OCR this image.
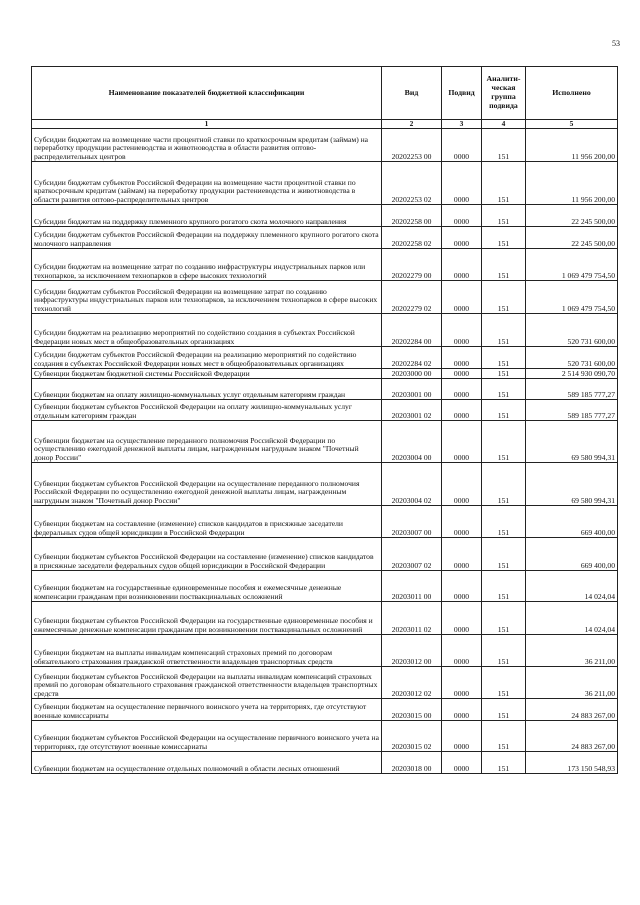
53
Наименование показателей бюджетной классификации	Вид	Подвид	Аналити-ческая группа подвида	Исполнено
1	2	3	4	5
Субсидии бюджетам на возмещение части процентной ставки по краткосрочным кредитам (займам) на переработку продукции растениеводства и животноводства в области развития оптово-распределительных центров	20202253 00	0000	151	11 956 200,00
Субсидии бюджетам субъектов Российской Федерации на возмещение части процентной ставки по краткосрочным кредитам (займам) на переработку продукции растениеводства и животноводства в области развития оптово-распределительных центров	20202253 02	0000	151	11 956 200,00
Субсидии бюджетам на поддержку племенного крупного рогатого скота молочного направления	20202258 00	0000	151	22 245 500,00
Субсидии бюджетам субъектов Российской Федерации на поддержку племенного крупного рогатого скота молочного направления	20202258 02	0000	151	22 245 500,00
Субсидии бюджетам на возмещение затрат по созданию инфраструктуры индустриальных парков или технопарков, за исключением технопарков в сфере высоких технологий	20202279 00	0000	151	1 069 479 754,50
Субсидии бюджетам субъектов Российской Федерации на возмещение затрат по созданию инфраструктуры индустриальных парков или технопарков, за исключением технопарков в сфере высоких технологий	20202279 02	0000	151	1 069 479 754,50
Субсидии бюджетам на реализацию мероприятий по содействию создания в субъектах Российской Федерации новых мест в общеобразовательных организациях	20202284 00	0000	151	520 731 600,00
Субсидии бюджетам субъектов Российской Федерации на реализацию мероприятий по содействию создания в субъектах Российской Федерации новых мест в общеобразовательных организациях	20202284 02	0000	151	520 731 600,00
Субвенции бюджетам бюджетной системы Российской Федерации	20203000 00	0000	151	2 514 930 090,70
Субвенции бюджетам на оплату жилищно-коммунальных услуг отдельным категориям граждан	20203001 00	0000	151	589 185 777,27
Субвенции бюджетам субъектов Российской Федерации на оплату жилищно-коммунальных услуг отдельным категориям граждан	20203001 02	0000	151	589 185 777,27
Субвенции бюджетам на осуществление переданного полномочия Российской Федерации по осуществлению ежегодной денежной выплаты лицам, награжденным нагрудным знаком "Почетный донор России"	20203004 00	0000	151	69 580 994,31
Субвенции бюджетам субъектов Российской Федерации на осуществление переданного полномочия Российской Федерации по осуществлению ежегодной денежной выплаты лицам, награжденным нагрудным знаком "Почетный донор России"	20203004 02	0000	151	69 580 994,31
Субвенции бюджетам на составление (изменение) списков кандидатов в присяжные заседатели федеральных судов общей юрисдикции в Российской Федерации	20203007 00	0000	151	669 400,00
Субвенции бюджетам субъектов Российской Федерации на составление (изменение) списков кандидатов в присяжные заседатели федеральных судов общей юрисдикции в Российской Федерации	20203007 02	0000	151	669 400,00
Субвенции бюджетам на государственные единовременные пособия и ежемесячные денежные компенсации гражданам при возникновении поствакцинальных осложнений	20203011 00	0000	151	14 024,04
Субвенции бюджетам субъектов Российской Федерации на государственные единовременные пособия и ежемесячные денежные компенсации гражданам при возникновении поствакцинальных осложнений	20203011 02	0000	151	14 024,04
Субвенции бюджетам на выплаты инвалидам компенсаций страховых премий по договорам обязательного страхования гражданской ответственности владельцев транспортных средств	20203012 00	0000	151	36 211,00
Субвенции бюджетам субъектов Российской Федерации на выплаты инвалидам компенсаций страховых премий по договорам обязательного страхования гражданской ответственности владельцев транспортных средств	20203012 02	0000	151	36 211,00
Субвенции бюджетам на осуществление первичного воинского учета на территориях, где отсутствуют военные комиссариаты	20203015 00	0000	151	24 883 267,00
Субвенции бюджетам субъектов Российской Федерации на осуществление первичного воинского учета на территориях, где отсутствуют военные комиссариаты	20203015 02	0000	151	24 883 267,00
Субвенции бюджетам на осуществление отдельных полномочий в области лесных отношений	20203018 00	0000	151	173 150 548,93
